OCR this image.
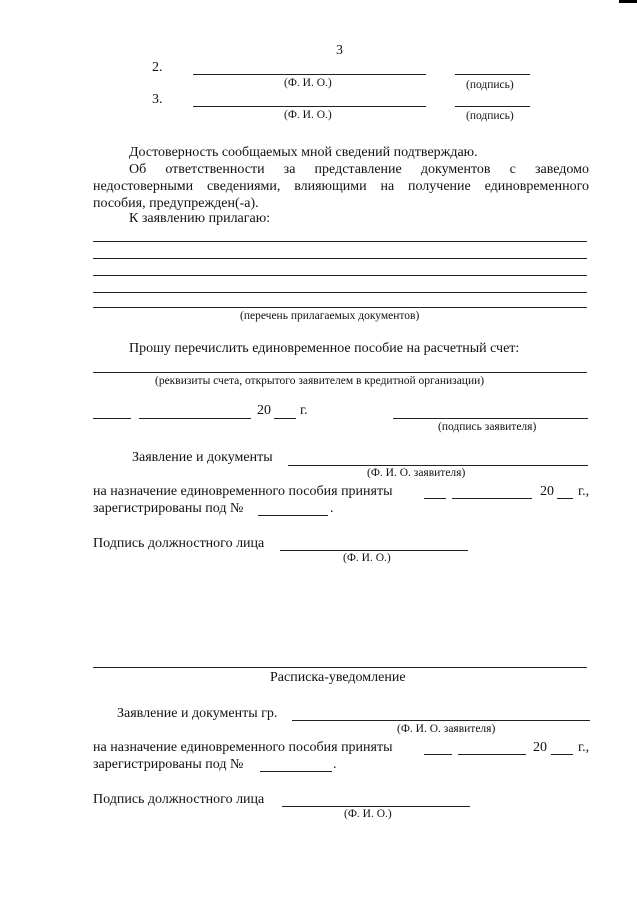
3
2.
(Ф. И. О.)	(подпись)
3.
(Ф. И. О.)	(подпись)
Достоверность сообщаемых мной сведений подтверждаю.
Об ответственности за представление документов с заведомо
недостоверными сведениями, влияющими на получение единовременного
пособия, предупрежден(-а).
К заявлению прилагаю:
(перечень прилагаемых документов)
Прошу перечислить единовременное пособие на расчетный счет:
(реквизиты счета, открытого заявителем в кредитной организации)
20 г.
(подпись заявителя)
Заявление и документы
(Ф. И. О. заявителя)
на назначение единовременного пособия приняты	20 г.,
зарегистрированы под №	.
Подпись должностного лица
(Ф. И. О.)
Расписка-уведомление
Заявление и документы гр.
(Ф. И. О. заявителя)
на назначение единовременного пособия приняты	20 г.,
зарегистрированы под №	.
Подпись должностного лица
(Ф. И. О.)
